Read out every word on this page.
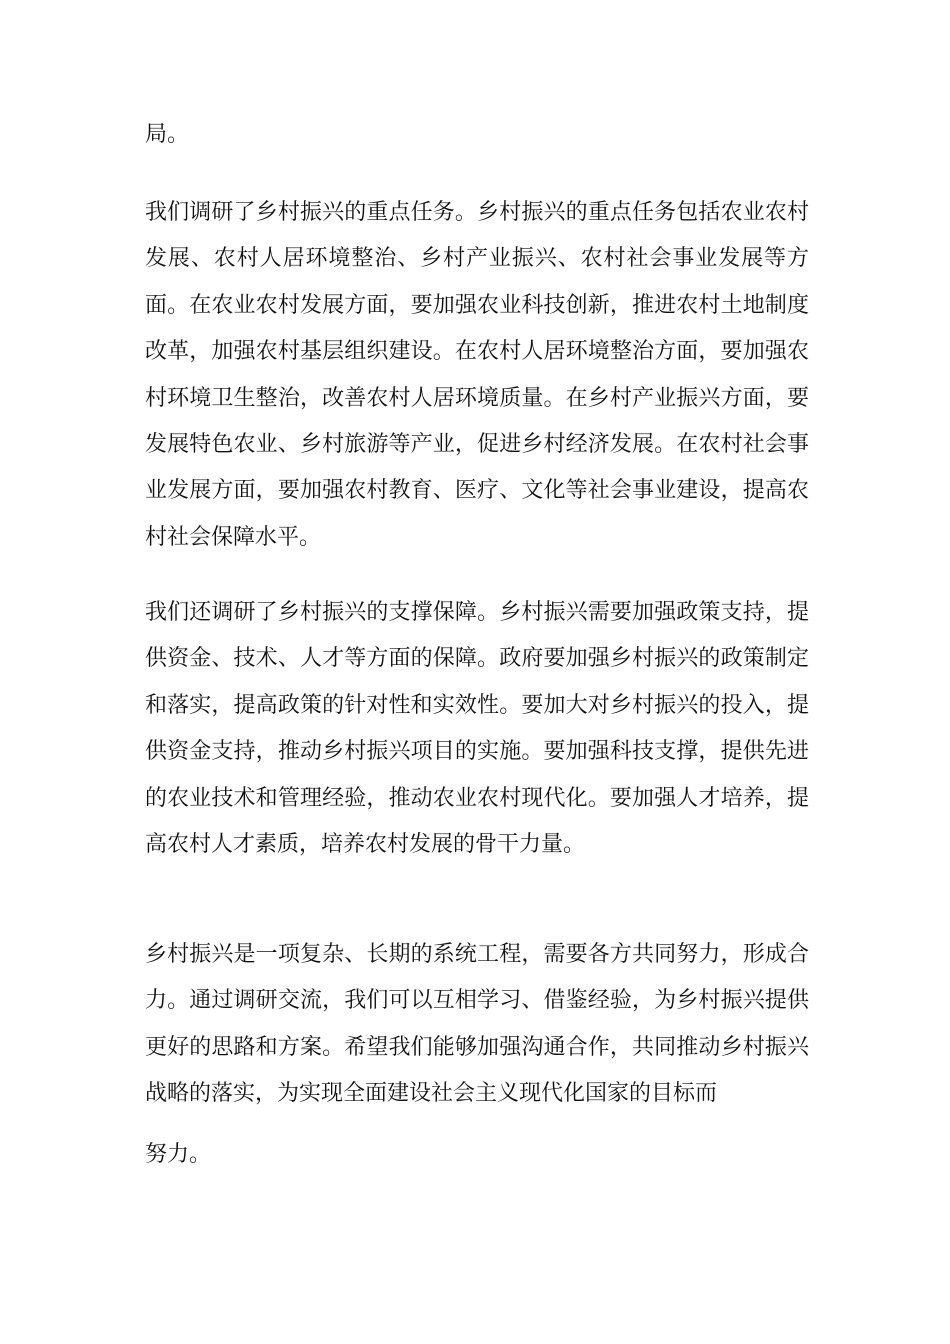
局。

我们调研了乡村振兴的重点任务。乡村振兴的重点任务包括农业农村发展、农村人居环境整治、乡村产业振兴、农村社会事业发展等方面。在农业农村发展方面，要加强农业科技创新，推进农村土地制度改革，加强农村基层组织建设。在农村人居环境整治方面，要加强农村环境卫生整治，改善农村人居环境质量。在乡村产业振兴方面，要发展特色农业、乡村旅游等产业，促进乡村经济发展。在农村社会事业发展方面，要加强农村教育、医疗、文化等社会事业建设，提高农村社会保障水平。

我们还调研了乡村振兴的支撑保障。乡村振兴需要加强政策支持，提供资金、技术、人才等方面的保障。政府要加强乡村振兴的政策制定和落实，提高政策的针对性和实效性。要加大对乡村振兴的投入，提供资金支持，推动乡村振兴项目的实施。要加强科技支撑，提供先进的农业技术和管理经验，推动农业农村现代化。要加强人才培养，提高农村人才素质，培养农村发展的骨干力量。

乡村振兴是一项复杂、长期的系统工程，需要各方共同努力，形成合力。通过调研交流，我们可以互相学习、借鉴经验，为乡村振兴提供更好的思路和方案。希望我们能够加强沟通合作，共同推动乡村振兴战略的落实，为实现全面建设社会主义现代化国家的目标而

努力。
